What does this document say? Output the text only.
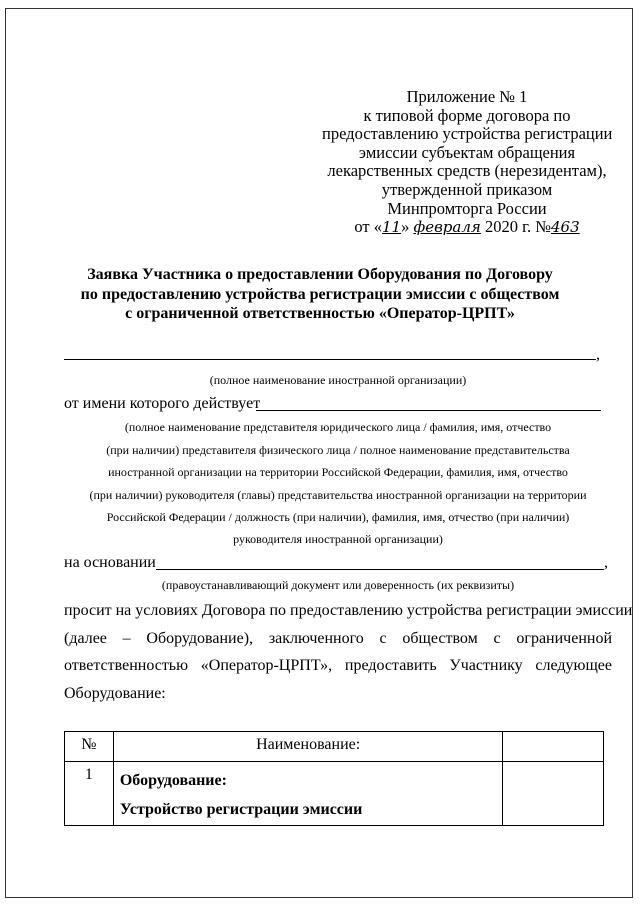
Приложение № 1
к типовой форме договора по
предоставлению устройства регистрации
эмиссии субъектам обращения
лекарственных средств (нерезидентам),
утвержденной приказом
Минпромторга России
от «11» февраля 2020 г. №463
Заявка Участника о предоставлении Оборудования по Договору
по предоставлению устройства регистрации эмиссии с обществом
с ограниченной ответственностью «Оператор-ЦРПТ»
,
(полное наименование иностранной организации)
от имени которого действует
(полное наименование представителя юридического лица / фамилия, имя, отчество
(при наличии) представителя физического лица / полное наименование представительства
иностранной организации на территории Российской Федерации, фамилия, имя, отчество
(при наличии) руководителя (главы) представительства иностранной организации на территории
Российской Федерации / должность (при наличии), фамилия, имя, отчество (при наличии)
руководителя иностранной организации)
на основании	,
(правоустанавливающий документ или доверенность (их реквизиты)
просит на условиях Договора по предоставлению устройства регистрации эмиссии
(далее – Оборудование), заключенного с обществом с ограниченной
ответственностью «Оператор-ЦРПТ», предоставить Участнику следующее
Оборудование:
№	Наименование:	
1	Оборудование:
Устройство регистрации эмиссии	
